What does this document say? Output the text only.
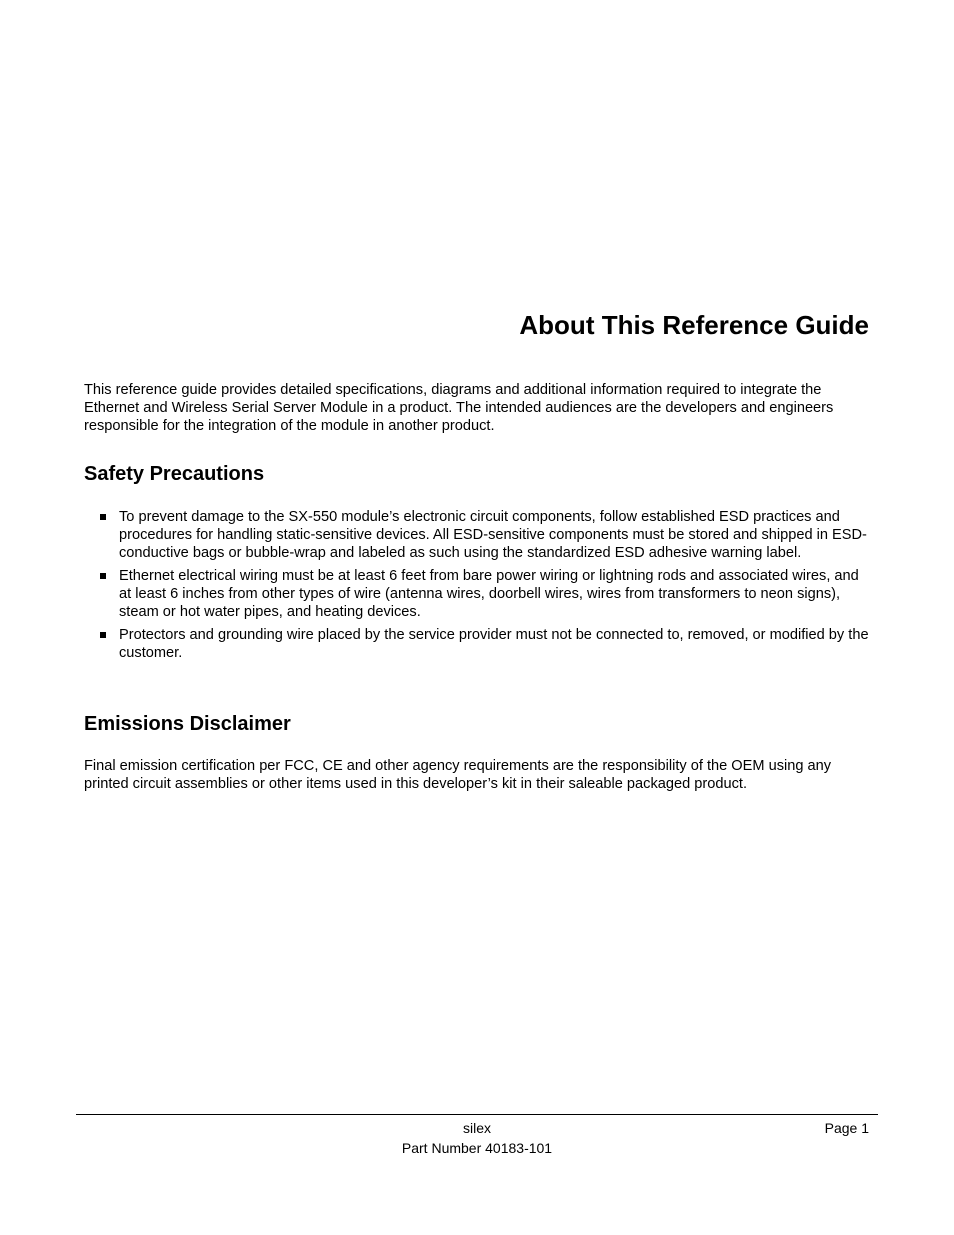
About This Reference Guide

This reference guide provides detailed specifications, diagrams and additional information required to integrate the Ethernet and Wireless Serial Server Module in a product. The intended audiences are the developers and engineers responsible for the integration of the module in another product.

Safety Precautions
To prevent damage to the SX-550 module’s electronic circuit components, follow established ESD practices and procedures for handling static-sensitive devices. All ESD-sensitive components must be stored and shipped in ESD-conductive bags or bubble-wrap and labeled as such using the standardized ESD adhesive warning label.
Ethernet electrical wiring must be at least 6 feet from bare power wiring or lightning rods and associated wires, and at least 6 inches from other types of wire (antenna wires, doorbell wires, wires from transformers to neon signs), steam or hot water pipes, and heating devices.
Protectors and grounding wire placed by the service provider must not be connected to, removed, or modified by the customer.
Emissions Disclaimer

Final emission certification per FCC, CE and other agency requirements are the responsibility of the OEM using any printed circuit assemblies or other items used in this developer’s kit in their saleable packaged product.

silex	Page 1

Part Number 40183-101
